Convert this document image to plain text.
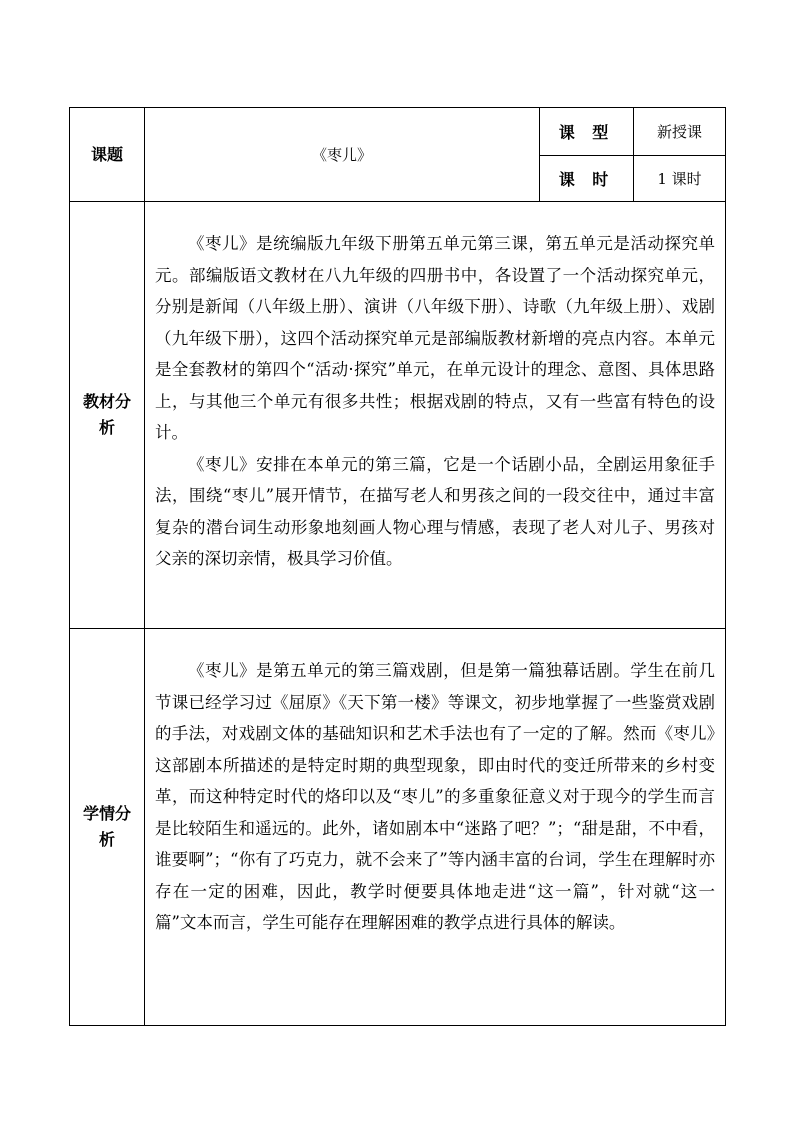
课题	《枣儿》	课 型	新授课
		课 时	1 课时
教材分析	《枣儿》是统编版九年级下册第五单元第三课，第五单元是活动探究单元。部编版语文教材在八九年级的四册书中，各设置了一个活动探究单元，分别是新闻（八年级上册）、演讲（八年级下册）、诗歌（九年级上册）、戏剧（九年级下册），这四个活动探究单元是部编版教材新增的亮点内容。本单元是全套教材的第四个“活动·探究”单元，在单元设计的理念、意图、具体思路上，与其他三个单元有很多共性；根据戏剧的特点，又有一些富有特色的设计。

《枣儿》安排在本单元的第三篇，它是一个话剧小品，全剧运用象征手法，围绕“枣儿”展开情节，在描写老人和男孩之间的一段交往中，通过丰富复杂的潜台词生动形象地刻画人物心理与情感，表现了老人对儿子、男孩对父亲的深切亲情，极具学习价值。		

学情分析	《枣儿》是第五单元的第三篇戏剧，但是第一篇独幕话剧。学生在前几节课已经学习过《屈原》《天下第一楼》等课文，初步地掌握了一些鉴赏戏剧的手法，对戏剧文体的基础知识和艺术手法也有了一定的了解。然而《枣儿》这部剧本所描述的是特定时期的典型现象，即由时代的变迁所带来的乡村变革，而这种特定时代的烙印以及“枣儿”的多重象征意义对于现今的学生而言是比较陌生和遥远的。此外，诸如剧本中“迷路了吧？”；“甜是甜，不中看，谁要啊”；“你有了巧克力，就不会来了”等内涵丰富的台词，学生在理解时亦存在一定的困难，因此，教学时便要具体地走进“这一篇”，针对就“这一篇”文本而言，学生可能存在理解困难的教学点进行具体的解读。		
